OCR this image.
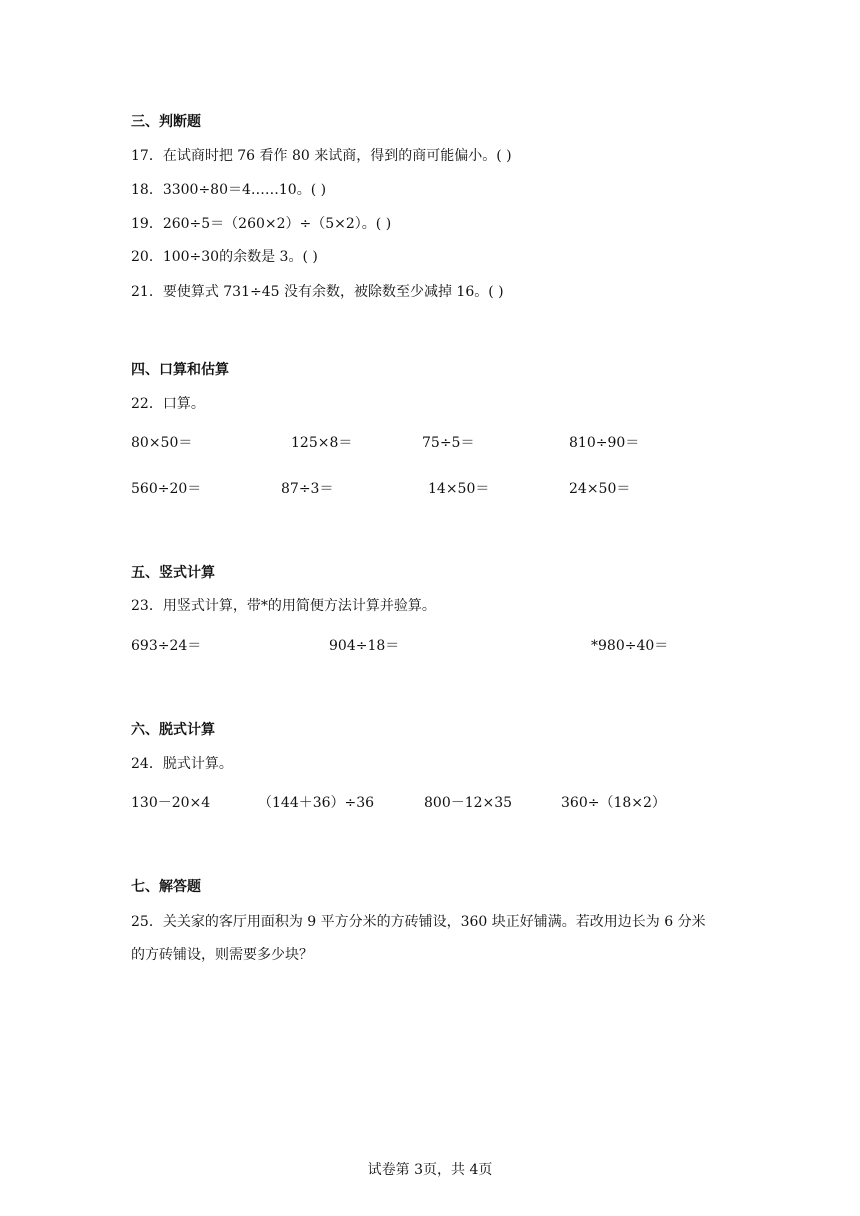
三、判断题
17．在试商时把 76 看作 80 来试商，得到的商可能偏小。( )
18．3300÷80＝4……10。( )
19．260÷5＝（260×2）÷（5×2）。( )
20．100÷30的余数是 3。( )
21．要使算式 731÷45 没有余数，被除数至少减掉 16。( )
四、口算和估算
22．口算。
80×50＝	125×8＝	75÷5＝	810÷90＝
560÷20＝	87÷3＝	14×50＝	24×50＝
五、竖式计算
23．用竖式计算，带*的用简便方法计算并验算。
693÷24＝	904÷18＝	*980÷40＝
六、脱式计算
24．脱式计算。
130－20×4	（144＋36）÷36	800－12×35	360÷（18×2）
七、解答题
25．关关家的客厅用面积为 9 平方分米的方砖铺设，360 块正好铺满。若改用边长为 6 分米
的方砖铺设，则需要多少块？
试卷第 3页，共 4页
